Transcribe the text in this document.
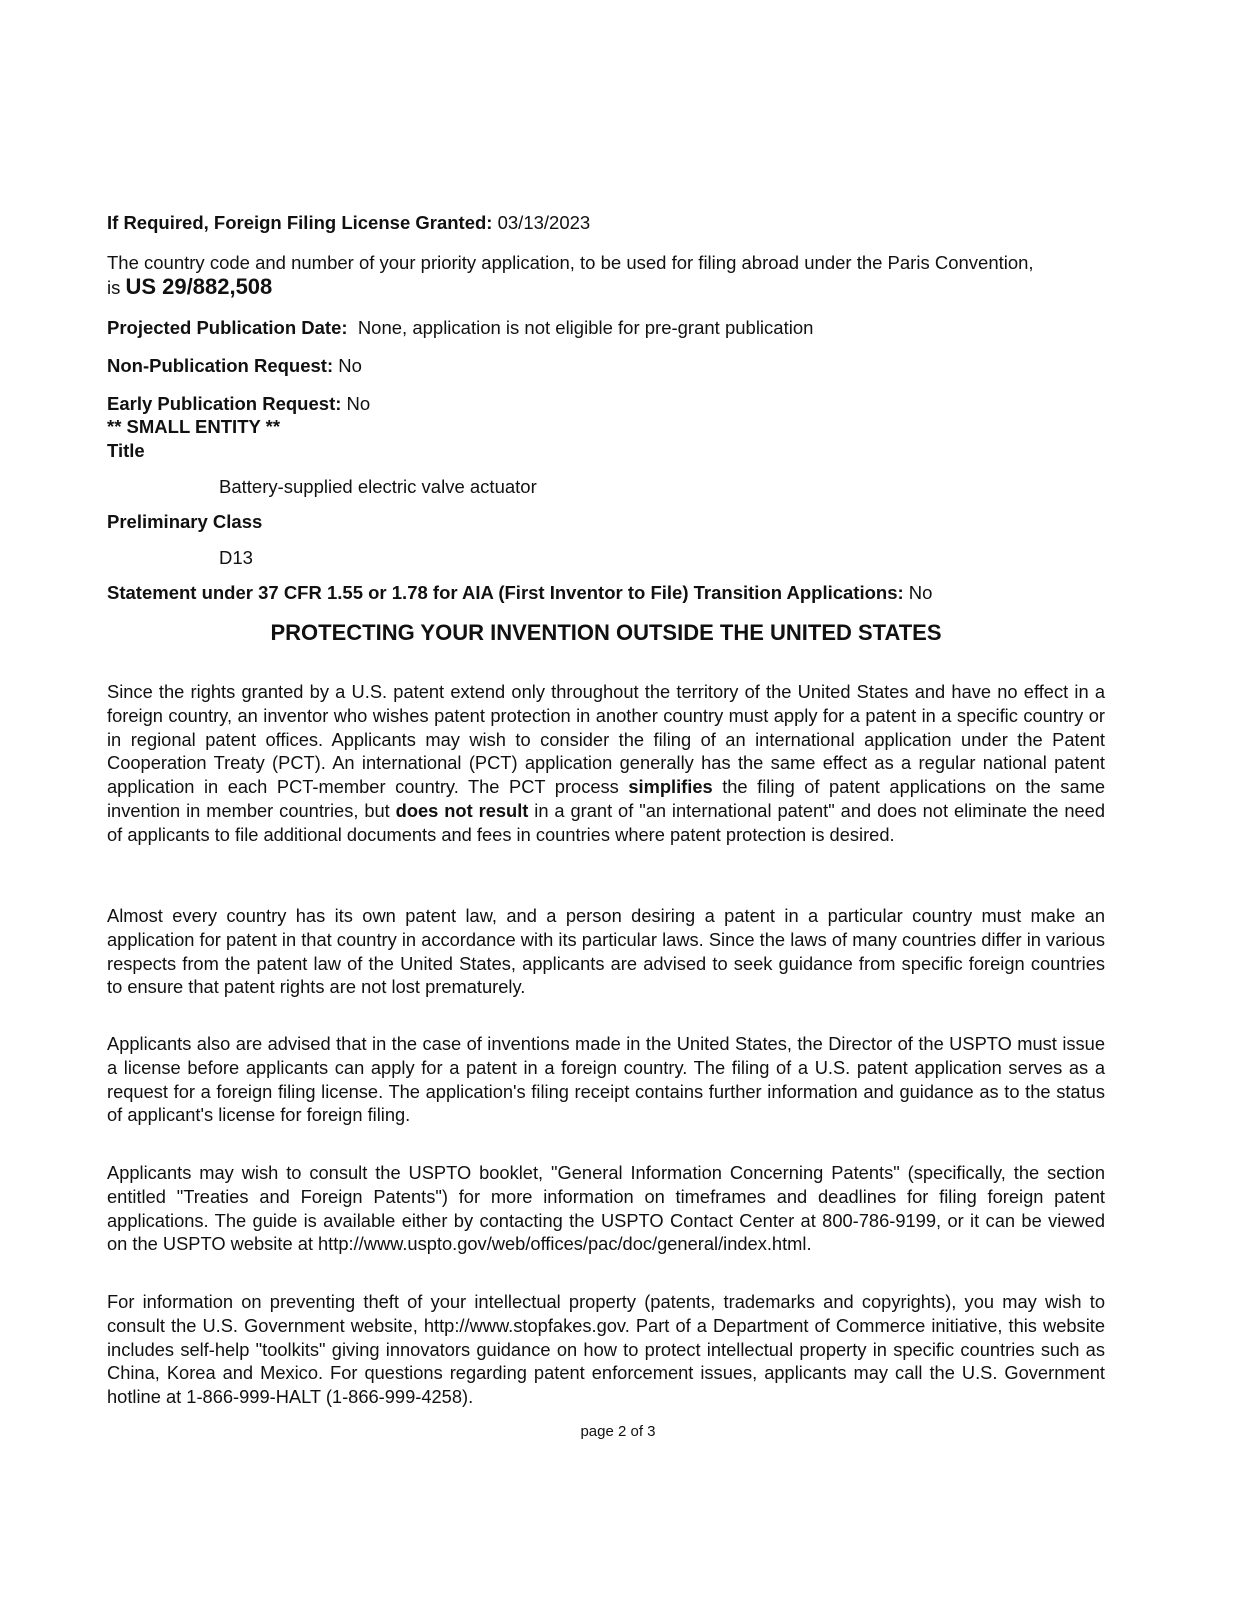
If Required, Foreign Filing License Granted: 03/13/2023
The country code and number of your priority application, to be used for filing abroad under the Paris Convention,
is US 29/882,508
Projected Publication Date:  None, application is not eligible for pre-grant publication
Non-Publication Request: No
Early Publication Request: No
** SMALL ENTITY **
Title
Battery-supplied electric valve actuator
Preliminary Class
D13
Statement under 37 CFR 1.55 or 1.78 for AIA (First Inventor to File) Transition Applications: No
PROTECTING YOUR INVENTION OUTSIDE THE UNITED STATES
Since the rights granted by a U.S. patent extend only throughout the territory of the United States and have no effect in a foreign country, an inventor who wishes patent protection in another country must apply for a patent in a specific country or in regional patent offices. Applicants may wish to consider the filing of an international application under the Patent Cooperation Treaty (PCT). An international (PCT) application generally has the same effect as a regular national patent application in each PCT-member country. The PCT process simplifies the filing of patent applications on the same invention in member countries, but does not result in a grant of "an international patent" and does not eliminate the need of applicants to file additional documents and fees in countries where patent protection is desired.
Almost every country has its own patent law, and a person desiring a patent in a particular country must make an application for patent in that country in accordance with its particular laws. Since the laws of many countries differ in various respects from the patent law of the United States, applicants are advised to seek guidance from specific foreign countries to ensure that patent rights are not lost prematurely.
Applicants also are advised that in the case of inventions made in the United States, the Director of the USPTO must issue a license before applicants can apply for a patent in a foreign country. The filing of a U.S. patent application serves as a request for a foreign filing license. The application's filing receipt contains further information and guidance as to the status of applicant's license for foreign filing.
Applicants may wish to consult the USPTO booklet, "General Information Concerning Patents" (specifically, the section entitled "Treaties and Foreign Patents") for more information on timeframes and deadlines for filing foreign patent applications. The guide is available either by contacting the USPTO Contact Center at 800-786-9199, or it can be viewed on the USPTO website at http://www.uspto.gov/web/offices/pac/doc/general/index.html.
For information on preventing theft of your intellectual property (patents, trademarks and copyrights), you may wish to consult the U.S. Government website, http://www.stopfakes.gov. Part of a Department of Commerce initiative, this website includes self-help "toolkits" giving innovators guidance on how to protect intellectual property in specific countries such as China, Korea and Mexico. For questions regarding patent enforcement issues, applicants may call the U.S. Government hotline at 1-866-999-HALT (1-866-999-4258).
page 2 of 3
